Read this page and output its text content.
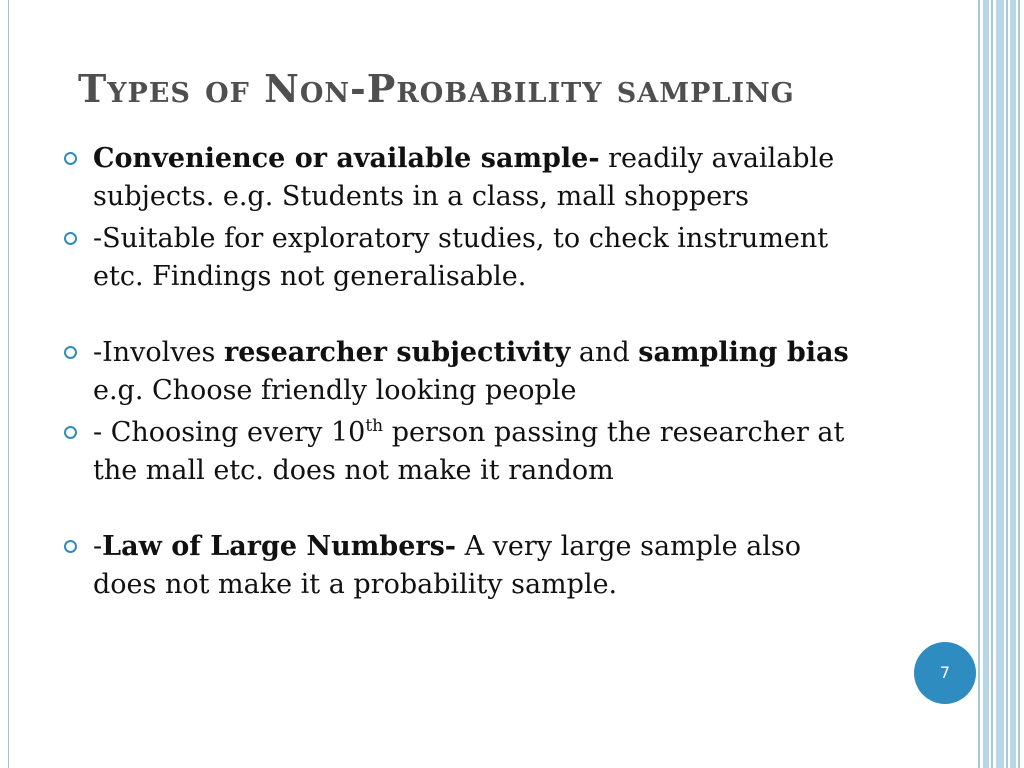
Types of Non-Probability sampling
Convenience or available sample- readily available subjects. e.g. Students in a class, mall shoppers
-Suitable for exploratory studies, to check instrument etc. Findings not generalisable.
-Involves researcher subjectivity and sampling bias e.g. Choose friendly looking people
- Choosing every 10th person passing the researcher at the mall etc. does not make it random
-Law of Large Numbers- A very large sample also does not make it a probability sample.
7
